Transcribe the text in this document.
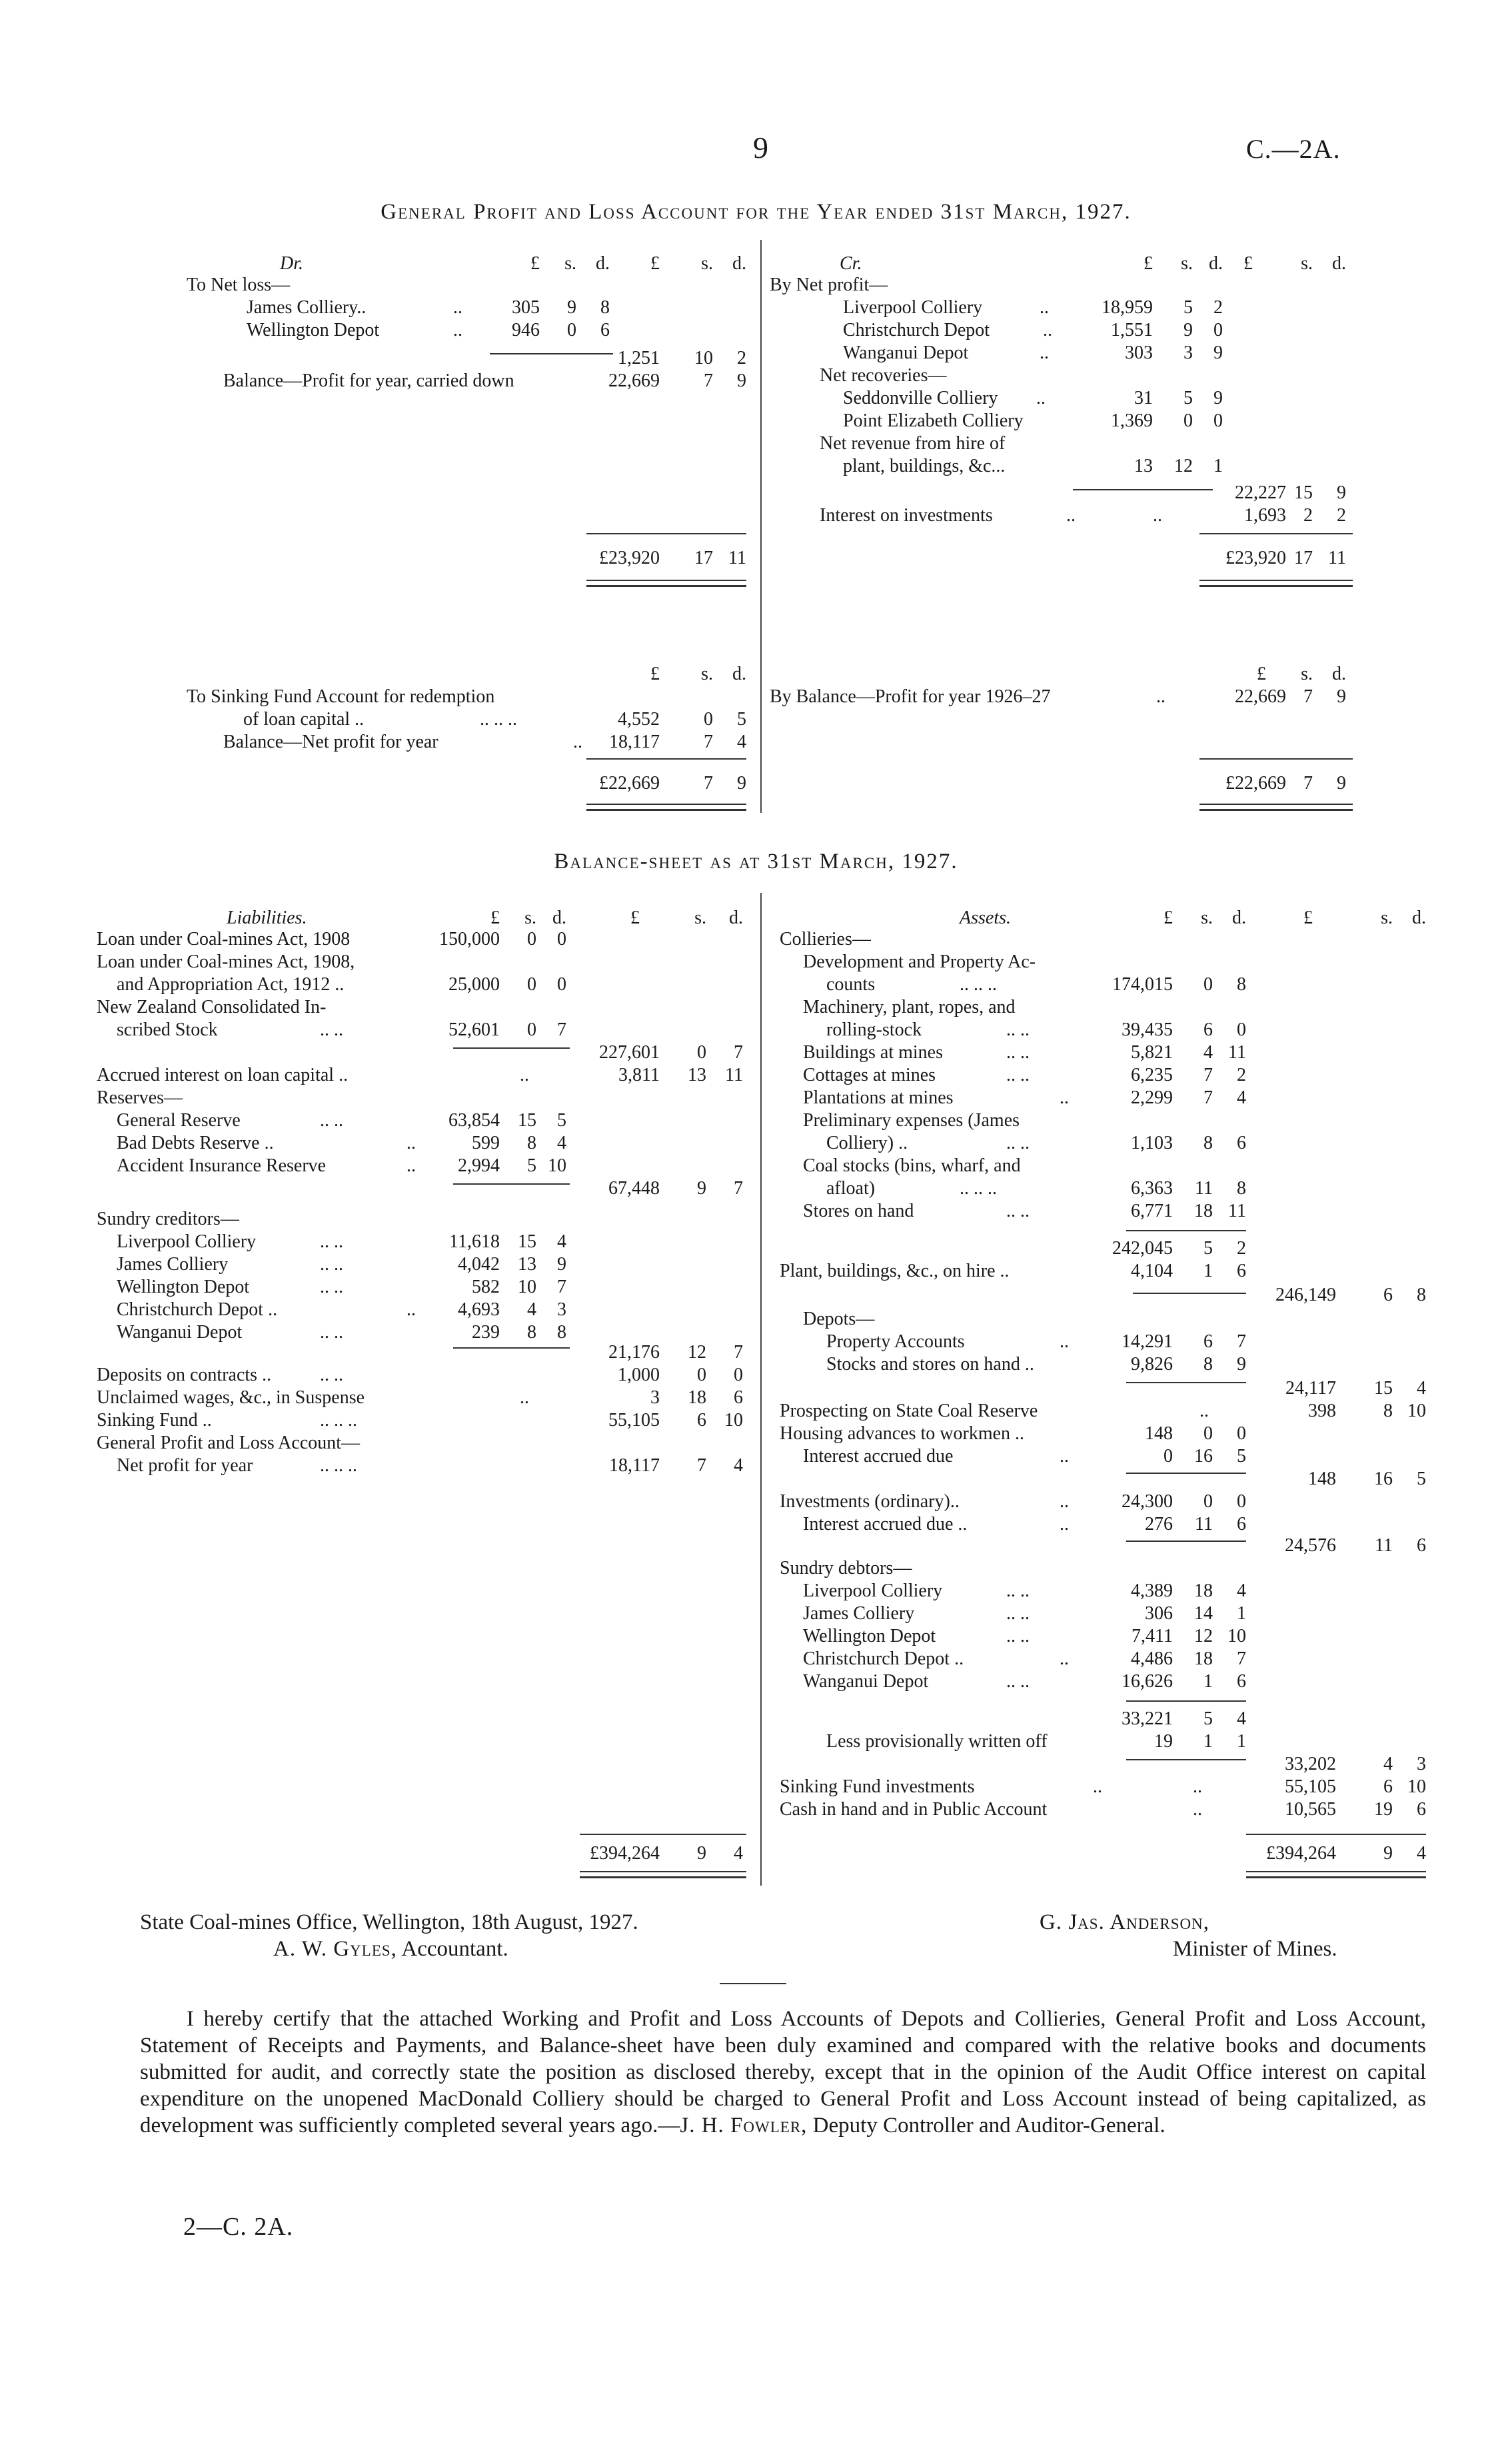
9	C.—2A.
General Profit and Loss Account for the Year ended 31st March, 1927.
Dr.	£	s.	d.	£	s.	d.
To Net loss—
James Colliery..	..	305	9	8
Wellington Depot	..	946	0	6
1,251	10	2
Balance—Profit for year, carried down	22,669	7	9
£23,920	17 11
Cr.	£	s. d.	£	s.	d.
By Net profit—
Liverpool Colliery	..	18,959	5	2
Christchurch Depot	..	1,551	9	0
Wanganui Depot	..	303	3	9
Net recoveries—
Seddonville Colliery ..	31	5	9
Point Elizabeth Colliery	1,369	0	0
Net revenue from hire of
plant, buildings, &c...	13	12	1
22,227 15	9
Interest on investments	..	..	1,693 2	2
£23,920 17 11
£	s.	d.
To Sinking Fund Account for redemption
of loan capital ..	.. .. ..	4,552	0	5
Balance—Net profit for year	..	18,117	7	4
£22,669	7	9
£	s.	d.
By Balance—Profit for year 1926–27	..	22,669 7	9
£22,669 7	9
Balance-sheet as at 31st March, 1927.
Liabilities.	£	s. d.	£	s.	d.
Loan under Coal-mines Act, 1908	150,000	0	0
Loan under Coal-mines Act, 1908,
and Appropriation Act, 1912 ..	25,000	0	0
New Zealand Consolidated In-
scribed Stock	.. ..	52,601	0	7
227,601	0	7
Accrued interest on loan capital ..	..	3,811	13	11
Reserves—
General Reserve	.. ..	63,854 15	5
Bad Debts Reserve ..	..	599	8	4
Accident Insurance Reserve	..	2,994	5 10
67,448	9	7
Sundry creditors—
Liverpool Colliery	.. ..	11,618 15	4
James Colliery	.. ..	4,042 13	9
Wellington Depot	.. ..	582 10	7
Christchurch Depot ..	..	4,693	4	3
Wanganui Depot	.. ..	239	8	8
21,176	12	7
Deposits on contracts ..	.. ..	1,000	0	0
Unclaimed wages, &c., in Suspense	..	3	18	6
Sinking Fund ..	.. .. ..	55,105	6 10
General Profit and Loss Account—
Net profit for year	.. .. ..	18,117	7	4
£394,264	9	4
Assets.	£	s.	d.	£	s.	d.
Collieries—
Development and Property Ac-
counts	.. .. ..	174,015	0	8
Machinery, plant, ropes, and
rolling-stock	.. ..	39,435	6	0
Buildings at mines	.. ..	5,821	4 11
Cottages at mines	.. ..	6,235	7	2
Plantations at mines	..	2,299	7	4
Preliminary expenses (James
Colliery) ..	.. ..	1,103	8	6
Coal stocks (bins, wharf, and
afloat)	.. .. ..	6,363	11	8
Stores on hand	.. ..	6,771	18 11
242,045	5	2
Plant, buildings, &c., on hire ..	4,104	1	6
246,149	6	8
Depots—
Property Accounts	..	14,291	6	7
Stocks and stores on hand ..	9,826	8	9
24,117	15	4
Prospecting on State Coal Reserve	..	398	8 10
Housing advances to workmen ..	148	0	0
Interest accrued due	..	0	16	5
148	16	5
Investments (ordinary)..	..	24,300	0	0
Interest accrued due ..	..	276	11	6
24,576	11	6
Sundry debtors—
Liverpool Colliery	.. ..	4,389	18	4
James Colliery	.. ..	306	14	1
Wellington Depot	.. ..	7,411	12 10
Christchurch Depot ..	..	4,486	18	7
Wanganui Depot	.. ..	16,626	1	6
33,221	5	4
Less provisionally written off	19	1	1
33,202	4	3
Sinking Fund investments	..	..	55,105	6 10
Cash in hand and in Public Account	..	10,565	19	6
£394,264	9	4
State Coal-mines Office, Wellington, 18th August, 1927.
A. W. Gyles, Accountant.
G. Jas. Anderson,
Minister of Mines.
I hereby certify that the attached Working and Profit and Loss Accounts of Depots and Collieries, General Profit and Loss Account, Statement of Receipts and Payments, and Balance-sheet have been duly examined and compared with the relative books and documents submitted for audit, and correctly state the position as disclosed thereby, except that in the opinion of the Audit Office interest on capital expenditure on the unopened MacDonald Colliery should be charged to General Profit and Loss Account instead of being capitalized, as development was sufficiently completed several years ago.—J. H. Fowler, Deputy Controller and Auditor-General.
2—C. 2A.
